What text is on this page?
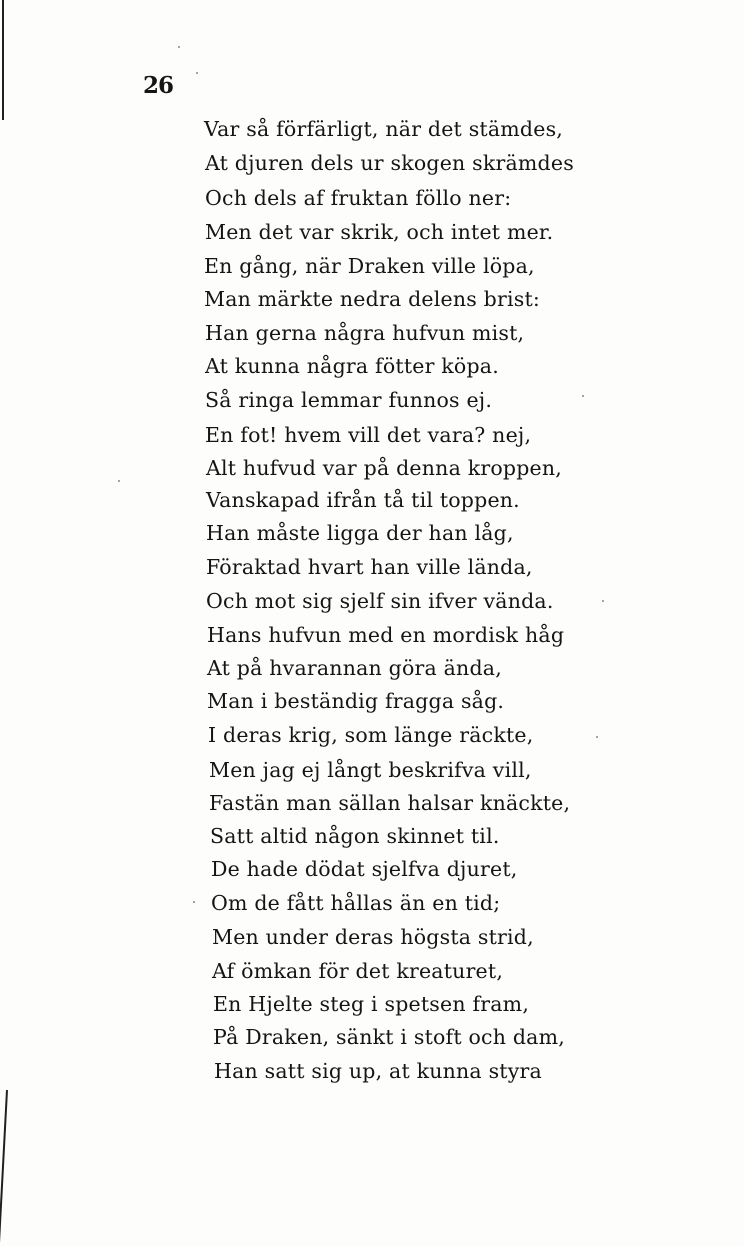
26
Var så förfärligt, när det stämdes,
At djuren dels ur skogen skrämdes
Och dels af fruktan föllo ner:
Men det var skrik, och intet mer.
En gång, när Draken ville löpa,
Man märkte nedra delens brist:
Han gerna några hufvun mist,
At kunna några fötter köpa.
Så ringa lemmar funnos ej.
En fot! hvem vill det vara? nej,
Alt hufvud var på denna kroppen,
Vanskapad ifrån tå til toppen.
Han måste ligga der han låg,
Föraktad hvart han ville lända,
Och mot sig sjelf sin ifver vända.
Hans hufvun med en mordisk håg
At på hvarannan göra ända,
Man i beständig fragga såg.
I deras krig, som länge räckte,
Men jag ej långt beskrifva vill,
Fastän man sällan halsar knäckte,
Satt altid någon skinnet til.
De hade dödat sjelfva djuret,
Om de fått hållas än en tid;
Men under deras högsta strid,
Af ömkan för det kreaturet,
En Hjelte steg i spetsen fram,
På Draken, sänkt i stoft och dam,
Han satt sig up, at kunna styra
